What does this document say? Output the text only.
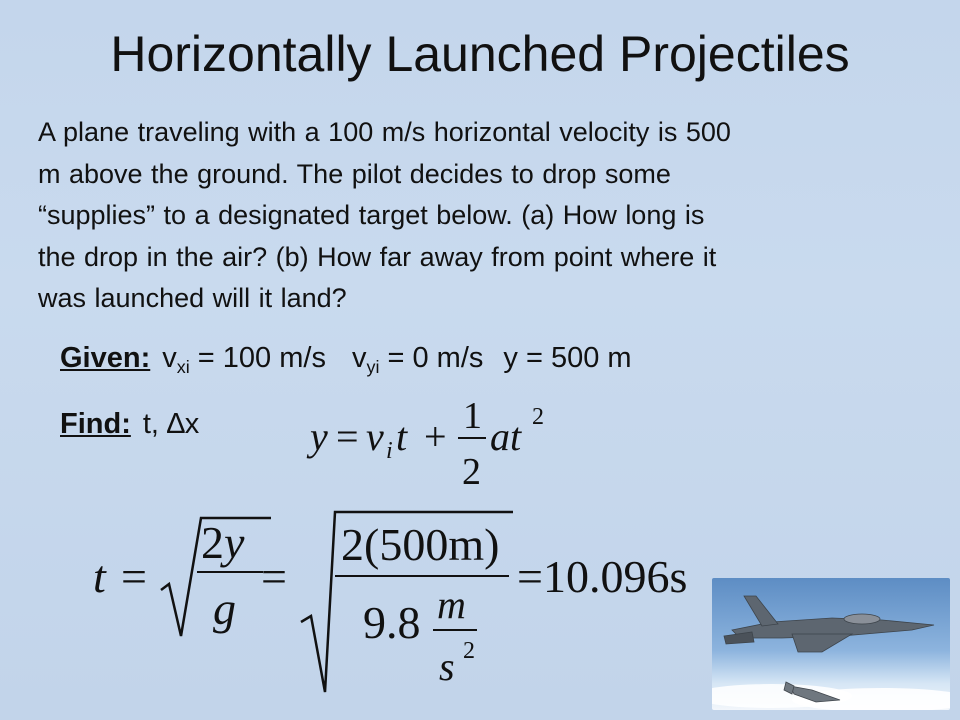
Horizontally Launched Projectiles
A plane traveling with a 100 m/s horizontal velocity is 500
m above the ground. The pilot decides to drop some
“supplies” to a designated target below. (a) How long is
the drop in the air? (b) How far away from point where it
was launched will it land?
Given: $v_{xi} = 100$ m/s $v_{yi} = 0$ m/s y = 500 m
Find: t, ∆x	y = v i t + 1
2
at 2
t =
2y
g
=
2(500m)
9.8 m
s 2
=10.096s
